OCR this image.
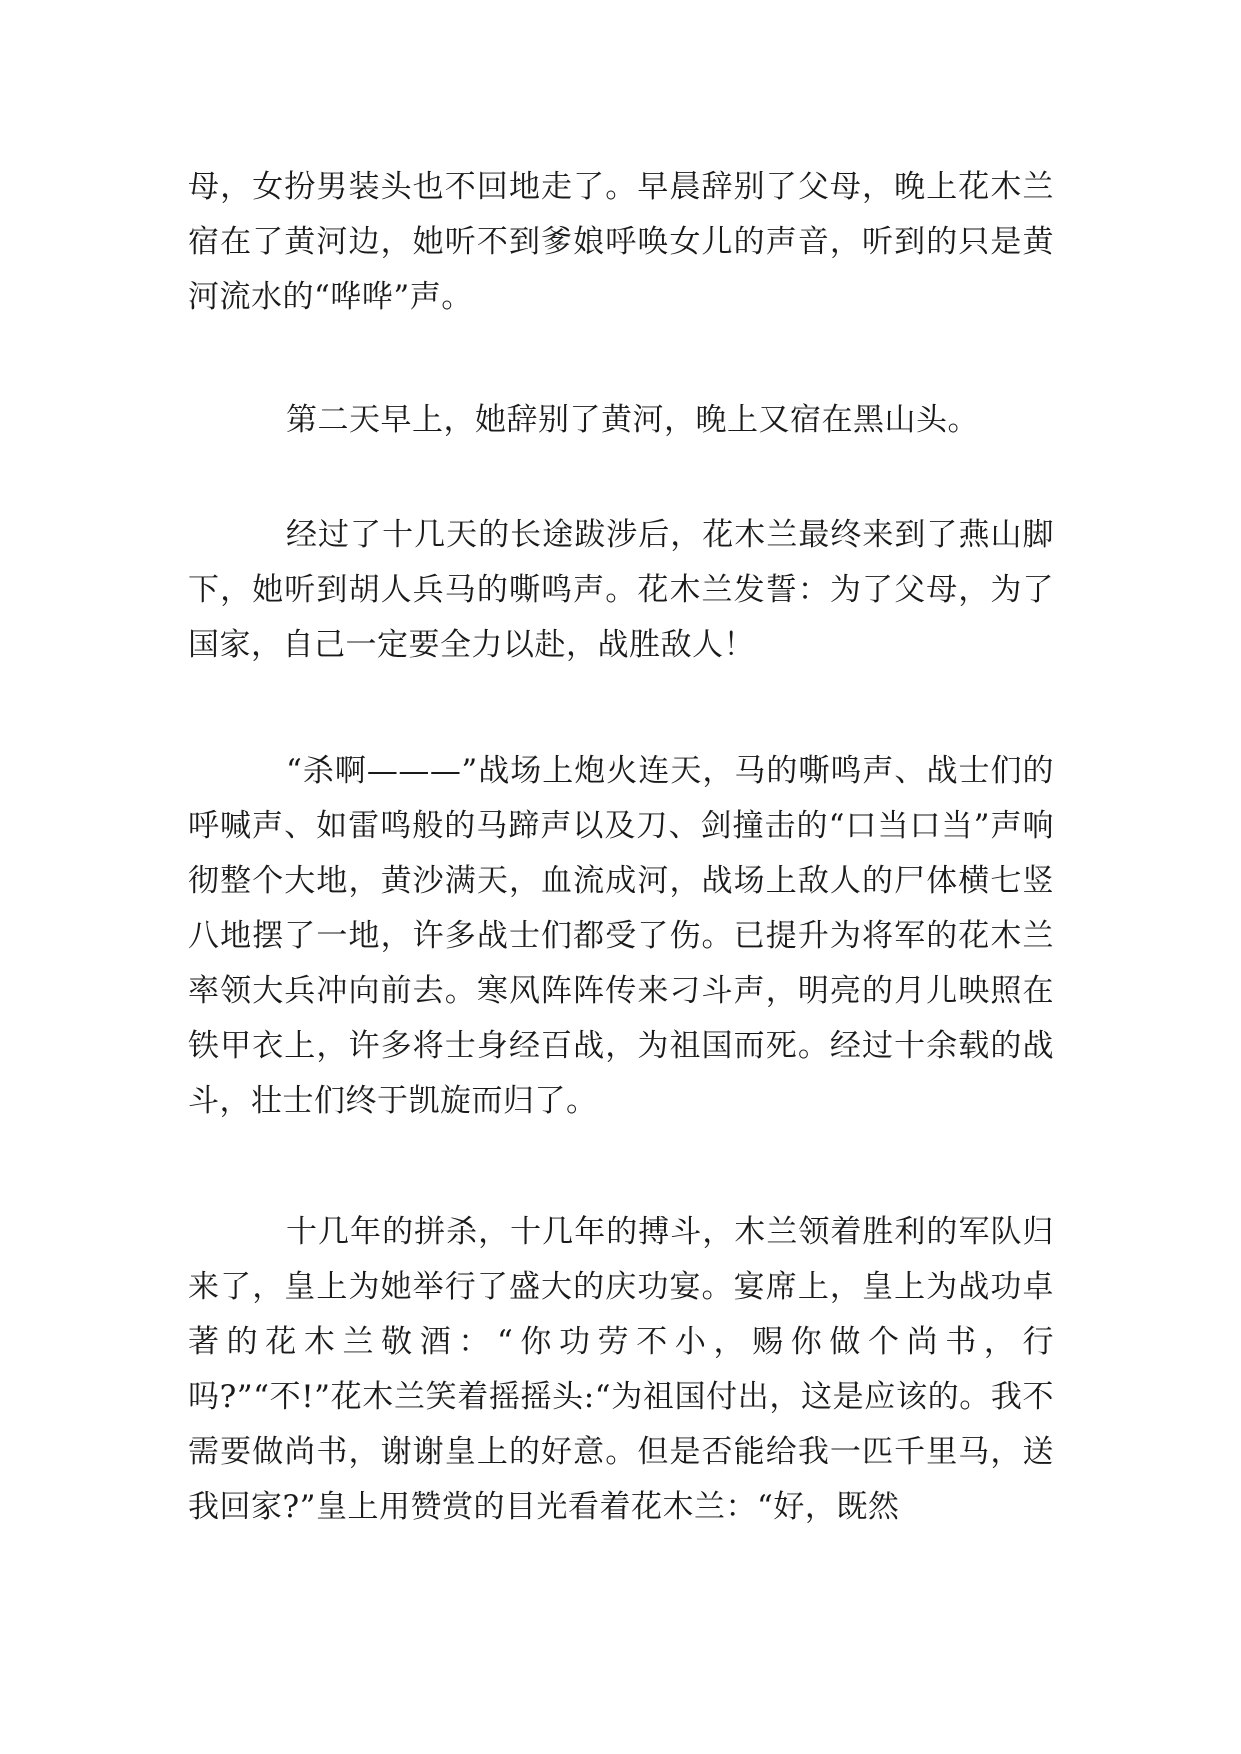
母，女扮男装头也不回地走了。早晨辞别了父母，晚上花木兰宿在了黄河边，她听不到爹娘呼唤女儿的声音，听到的只是黄河流水的“哗哗”声。

第二天早上，她辞别了黄河，晚上又宿在黑山头。

经过了十几天的长途跋涉后，花木兰最终来到了燕山脚下，她听到胡人兵马的嘶鸣声。花木兰发誓：为了父母，为了国家，自己一定要全力以赴，战胜敌人！

“杀啊———”战场上炮火连天，马的嘶鸣声、战士们的呼喊声、如雷鸣般的马蹄声以及刀、剑撞击的“口当口当”声响彻整个大地，黄沙满天，血流成河，战场上敌人的尸体横七竖八地摆了一地，许多战士们都受了伤。已提升为将军的花木兰率领大兵冲向前去。寒风阵阵传来刁斗声，明亮的月儿映照在铁甲衣上，许多将士身经百战，为祖国而死。经过十余载的战斗，壮士们终于凯旋而归了。

十几年的拼杀，十几年的搏斗，木兰领着胜利的军队归来了，皇上为她举行了盛大的庆功宴。宴席上，皇上为战功卓著的花木兰敬酒：“你功劳不小，赐你做个尚书，行吗?”“不!”花木兰笑着摇摇头:“为祖国付出，这是应该的。我不需要做尚书，谢谢皇上的好意。但是否能给我一匹千里马，送我回家?”皇上用赞赏的目光看着花木兰：“好，既然
